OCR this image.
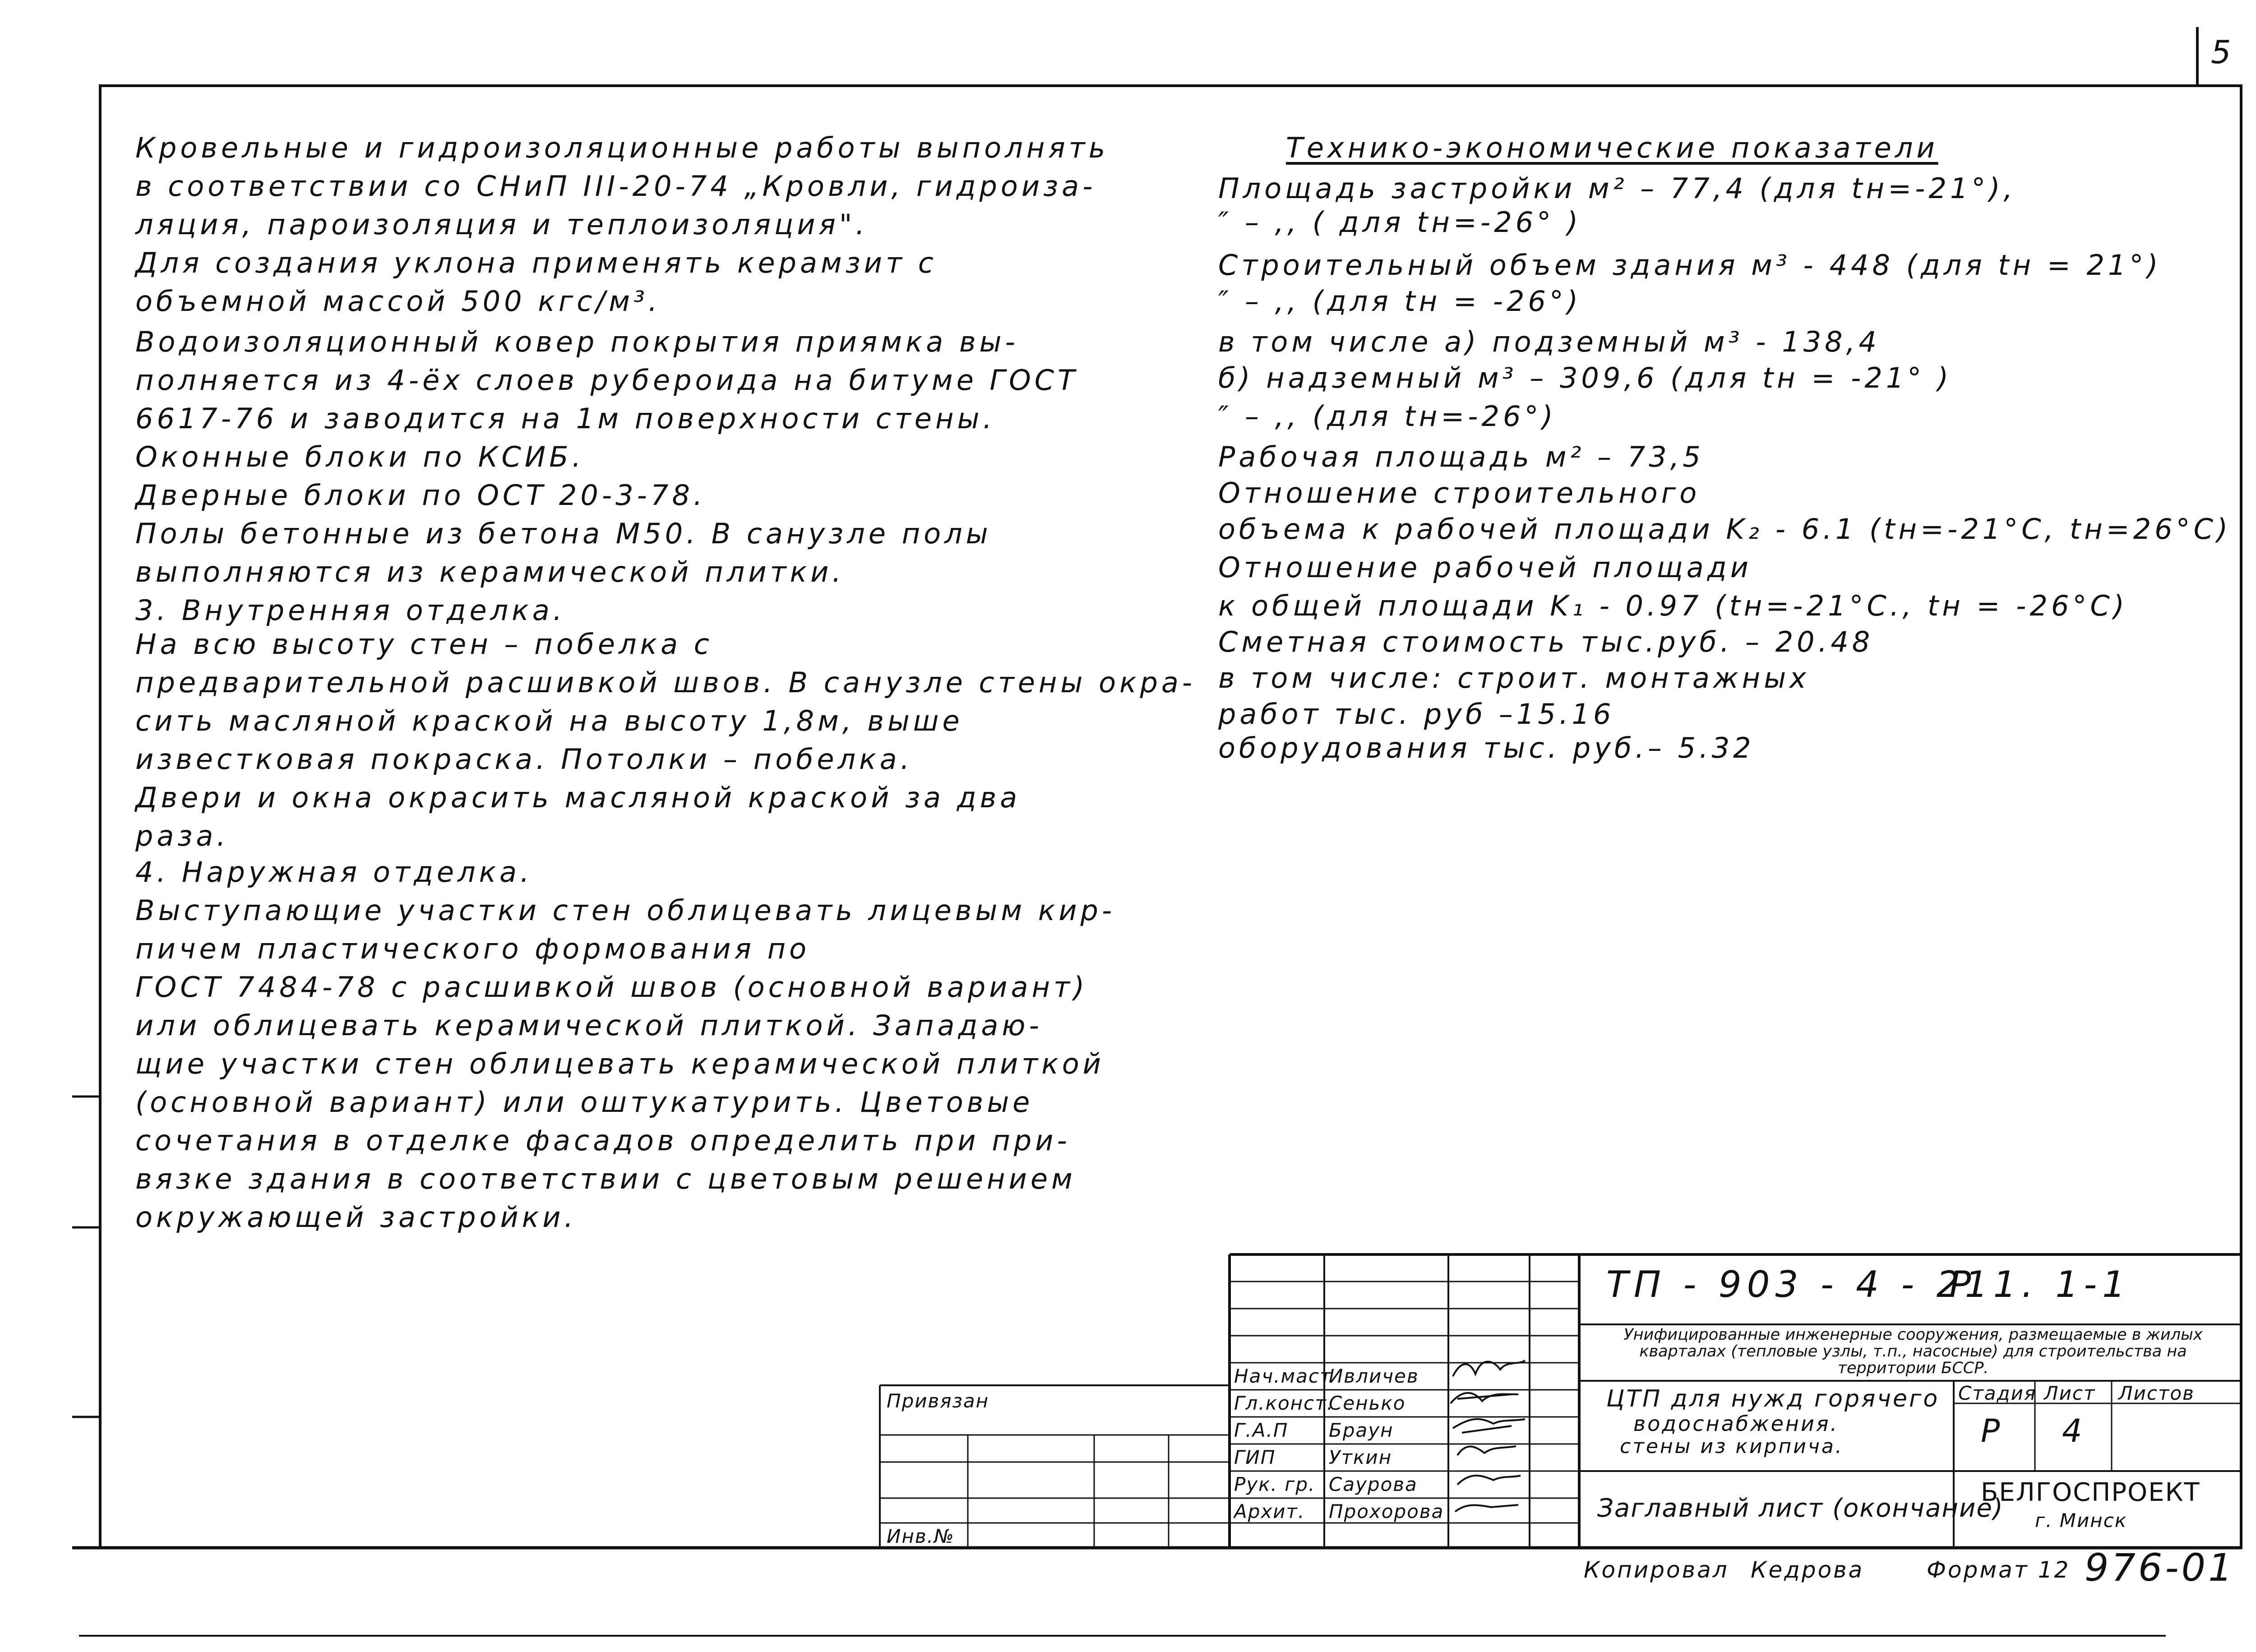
5
Кровельные и гидроизоляционные работы выполнять
в соответствии со СНиП III-20-74 „Кровли, гидроиза-
ляция, пароизоляция и теплоизоляция".
Для создания уклона применять керамзит с
объемной массой 500 кгс/м³.
Водоизоляционный ковер покрытия приямка вы-
полняется из 4-ёх слоев рубероида на битуме ГОСТ
6617-76 и заводится на 1м поверхности стены.
Оконные блоки по КСИБ.
Дверные блоки по ОСТ 20-3-78.
Полы бетонные из бетона М50. В санузле полы
выполняются из керамической плитки.
3. Внутренняя отделка.
На всю высоту стен – побелка с
предварительной расшивкой швов. В санузле стены окра-
сить масляной краской на высоту 1,8м, выше
известковая покраска. Потолки – побелка.
Двери и окна окрасить масляной краской за два
раза.
4. Наружная отделка.
Выступающие участки стен облицевать лицевым кир-
пичем пластического формования по
ГОСТ 7484-78 с расшивкой швов (основной вариант)
или облицевать керамической плиткой. Западаю-
щие участки стен облицевать керамической плиткой
(основной вариант) или оштукатурить. Цветовые
сочетания в отделке фасадов определить при при-
вязке здания в соответствии с цветовым решением
окружающей застройки.
Технико-экономические показатели
Площадь застройки м² – 77,4 (для tн=-21°),
″ – ,, ( для tн=-26° )
Строительный объем здания м³ - 448 (для tн = 21°)
″ – ,, (для tн = -26°)
в том числе а) подземный м³ - 138,4
б) надземный м³ – 309,6 (для tн = -21° )
″ – ,, (для tн=-26°)
Рабочая площадь м² – 73,5
Отношение строительного
объема к рабочей площади K₂ - 6.1 (tн=-21°С, tн=26°С)
Отношение рабочей площади
к общей площади K₁ - 0.97 (tн=-21°С., tн = -26°С)
Сметная стоимость тыс.руб. – 20.48
в том числе: строит. монтажных
работ тыс. руб –15.16
оборудования тыс. руб.– 5.32
Привязан
Инв.№
Нач.маст
Гл.конст.
Г.А.П
ГИП
Рук. гр.
Архит.
Ивличев
Сенько
Браун
Уткин
Саурова
Прохорова
ТП - 903 - 4 - 21
Р 1. 1-1
Унифицированные инженерные сооружения, размещаемые в жилых кварталах (тепловые узлы, т.п., насосные) для строительства на территории БССР.
ЦТП для нужд горячего
водоснабжения.
стены из кирпича.
Стадия Лист Листов
Р 4
Заглавный лист (окончание)
БЕЛГОСПРОЕКТ
г. Минск
Копировал Кедрова	Формат 12 976-01
